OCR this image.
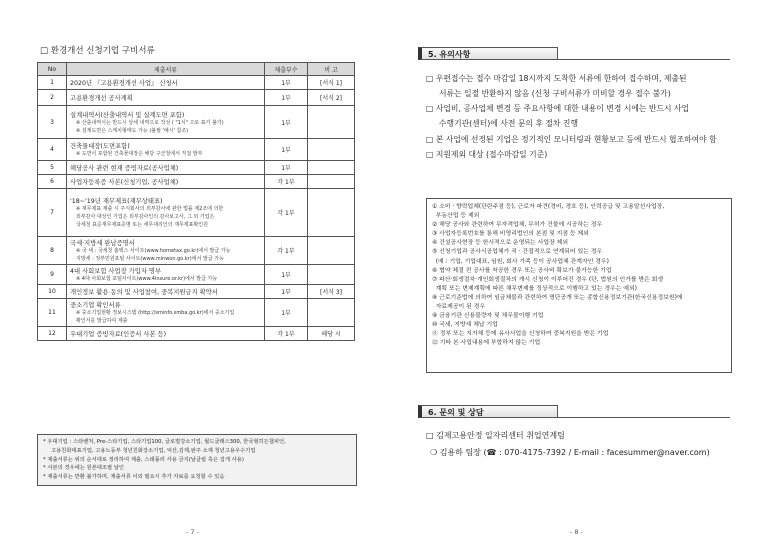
□ 환경개선 신청기업 구비서류
No	제출서류	제출부수	비 고
1	2020년 『고용환경개선 사업』 신청서	1부	[서식 1]
2	고용환경개선 공사계획	1부	[서식 2]
3	설계내역서(산출내역서 및 설계도면 포함)
※ 산출내역서는 반드시 상세 내역으로 작성 ( "1식" 으로 표기 불가)
※ 설계도면은 스케치형태도 가능 (불필 '예시' 참조)	1부	
4	건축물대장(도면포함)
※ 도면이 포함된 건축물대장은 해당 구군청에서 직접 발부	1부	
5	해당공사 관련 현재 증빙자료(공사업체)	1부	
6	사업자등록증 사본(신청기업, 공사업체)	각 1부	
7	'18~'19년 재무제표(재무상태표)
※ 재무제표 제출 시 주식회사의 외부감사에 관한 법률 제2조에 의한
외부감사 대상인 기업은 외부감사인의 감사보고서, 그 외 기업은
국세청 표준재무제표증명 또는 세무대리인의 재무제표확인원	각 1부	
8	국세·지방세 완납증명서
※ 국 세 : 국세청 홈택스 사이트(www.hometax.go.kr)에서 발급 가능
지방세 : 정부민원포털 사이트(www.minwon.go.kr)에서 발급 가능	각 1부	
9	4대 사회보험 사업장 가입자 명부
※ 4대 사회보험 포털사이트(www.4insure.or.kr)에서 발급 가능	1부	
10	개인정보 활용 동의 및 사업참여, 중복지원금지 확약서	1부	[서식 3]
11	중소기업 확인서류
※ 중소기업현황 정보시스템 (http://sminfo.smba.go.kr)에서 중소기업
확인서를 발급하여 제출	1부	
12	우대기업 증빙자료(인증서 사본 등)	각 1부	해당 시
* 우대기업 : 스타벤처, Pre-스타기업, 스타기업100, 글로벌강소기업, 월드클래스300, 한국형히든챔피언,
고용친화대표기업, 고용노동부 청년친화강소기업, 익산,김제,완주 소재 청년고용우수기업
* 제출서류는 위의 순서대로 정리하여 제출, 스테플러 사용 금지(날클립 혹은 집게 사용)
* 사본의 경우에는 원본대조필 날인
* 제출서류는 반환 불가하며, 제출서류 이외 필요시 추가 자료를 요청할 수 있음
- 7 -
5. 유의사항
□ 우편접수는 접수 마감일 18시까지 도착한 서류에 한하여 접수하며, 제출된
서류는 일절 반환하지 않음 (신청 구비서류가 미비할 경우 접수 불가)
□ 사업비, 공사업체 변경 등 주요사항에 대한 내용이 변경 시에는 반드시 사업
수행기관(센터)에 사전 문의 후 절차 진행
□ 본 사업에 선정된 기업은 정기적인 모니터링과 현황보고 등에 반드시 협조하여야 함
□ 지원제외 대상 (접수마감일 기준)
① 소비 · 향락업체(단란주점 등), 근로자 파견(경비, 경호 등), 인력공급 및 고용알선사업장,
부동산업 등 제외
② 해당 공사와 관련하여 무자격업체, 무허가 건물에 시공하는 경우
③ 사업자등록번호를 통해 비영리법인의 본점 및 지점 등 제외
④ 건설공사현장 등 한시적으로 운영되는 사업장 제외
⑤ 신청기업과 공사시공업체가 직 · 간접적으로 연계되어 있는 경우
(예 : 기업, 기업대표, 임원, 회사 가족 등이 공사업체 관계자인 경우)
⑥ 협약 체결 전 공사를 착공한 경우 또는 공사비 확보가 불가능한 기업
⑦ 파산·회생절차·개인회생절차의 개시 신청이 이루어진 경우 (단, 법원의 인가를 받은 회생
계획 또는 변제계획에 따른 채무변제를 정상적으로 이행하고 있는 경우는 예외)
⑧ 근로기준법에 의하여 임금체불과 관련하여 명단공개 또는 종합신용정보기관(한국신용정보원)에
자료제공이 된 경우
⑨ 금융기관 신용불량자 및 채무불이행 기업
⑩ 국세, 지방세 체납 기업
⑪ 정부 또는 지자체 등에 유사사업을 신청하여 중복지원을 받은 기업
⑫ 기타 본 사업내용에 부합하지 않는 기업
6. 문의 및 상담
□ 김제고용안정 일자리센터 취업연계팀
❍ 김용하 팀장 (☎ : 070-4175-7392 / E-mail : facesummer@naver.com)
- 8 -
